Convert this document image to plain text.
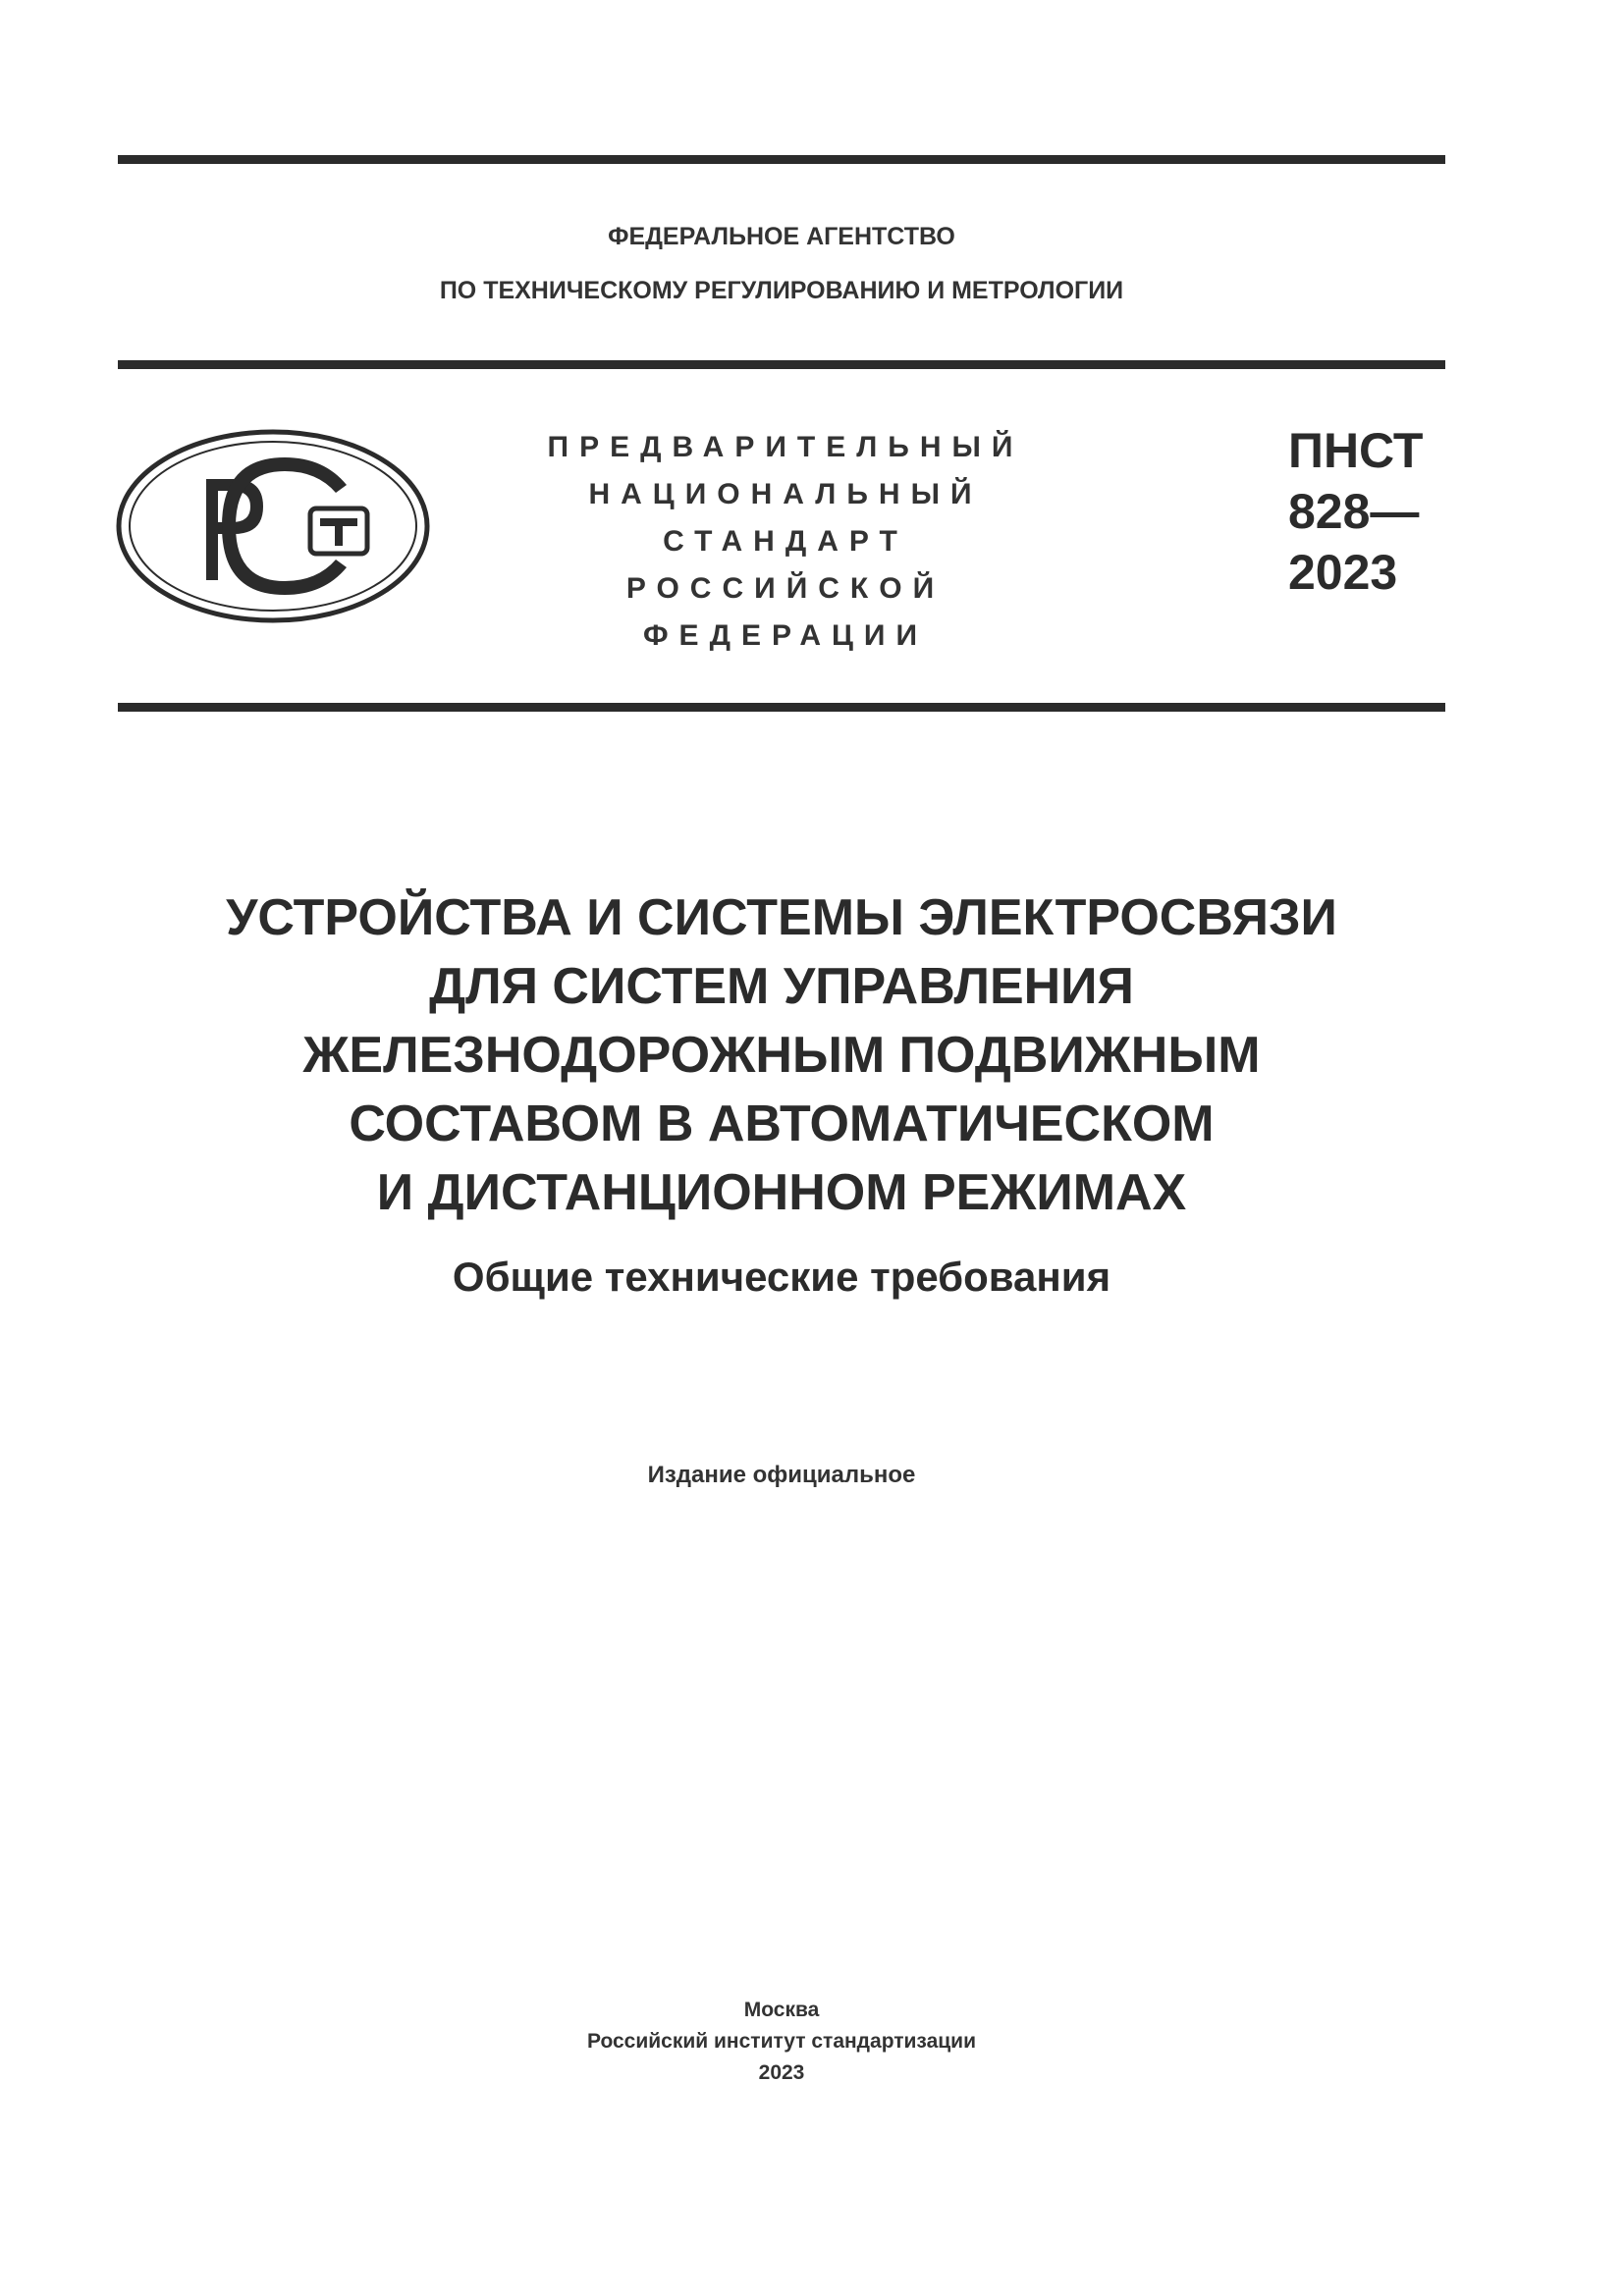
ФЕДЕРАЛЬНОЕ АГЕНТСТВО
ПО ТЕХНИЧЕСКОМУ РЕГУЛИРОВАНИЮ И МЕТРОЛОГИИ
ПРЕДВАРИТЕЛЬНЫЙ
НАЦИОНАЛЬНЫЙ
СТАНДАРТ
РОССИЙСКОЙ
ФЕДЕРАЦИИ
ПНСТ
828—
2023
УСТРОЙСТВА И СИСТЕМЫ ЭЛЕКТРОСВЯЗИ
ДЛЯ СИСТЕМ УПРАВЛЕНИЯ
ЖЕЛЕЗНОДОРОЖНЫМ ПОДВИЖНЫМ
СОСТАВОМ В АВТОМАТИЧЕСКОМ
И ДИСТАНЦИОННОМ РЕЖИМАХ
Общие технические требования
Издание официальное
Москва
Российский институт стандартизации
2023
